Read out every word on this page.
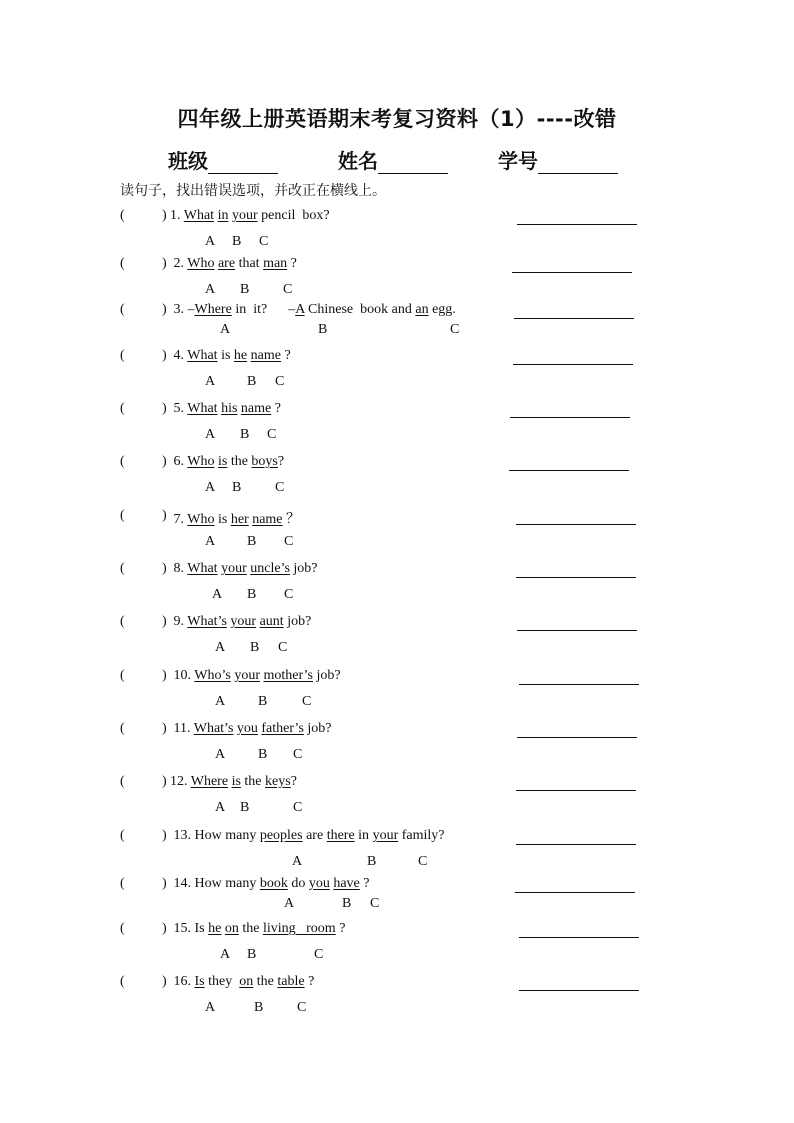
四年级上册英语期末考复习资料（1）----改错
班级	姓名	学号
读句子，找出错误选项，并改正在横线上。
(	) 1. What in your pencil  box?
A B C
(	) 2. Who are that man ?
A B C
(	) 3. –Where in  it?      –A Chinese  book and an egg.
A	B	C
(	) 4. What is he name ?
A B C
(	) 5. What his name ?
A B C
(	) 6. Who is the boys?
A B C
(	) 7. Who is her name ？
A B C
(	) 8. What your uncle’s job?
A B C
(	) 9. What’s your aunt job?
A B C
(	) 10. Who’s your mother’s job?
A B C
(	) 11. What’s you father’s job?
A B C
(	) 12. Where is the keys?
A B	C
(	) 13. How many peoples are there in your family?
A	B	C
(	) 14. How many book do you have ?
A	B C
(	) 15. Is he on the living   room ?
A B	C
(	) 16. Is they  on the table ?
A	B C
